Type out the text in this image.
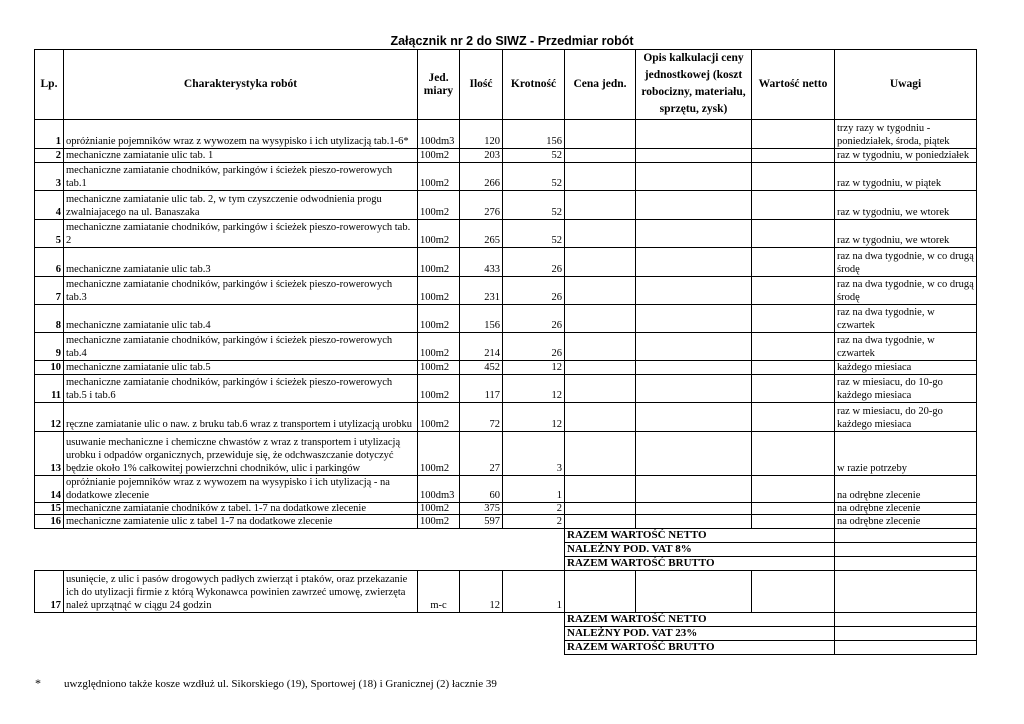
Załącznik nr 2 do SIWZ - Przedmiar robót
Lp.	Charakterystyka robót	Jed. miary	Ilość	Krotność	Cena jedn.	Opis kalkulacji ceny jednostkowej (koszt robocizny, materiału, sprzętu, zysk)	Wartość netto	Uwagi
1	opróżnianie pojemników wraz z wywozem na wysypisko i ich utylizacją tab.1-6*	100dm3	120	156				trzy razy w tygodniu - poniedziałek, środa, piątek
2	mechaniczne zamiatanie ulic tab. 1	100m2	203	52				raz w tygodniu, w poniedziałek
3	mechaniczne zamiatanie chodników, parkingów i ścieżek pieszo-rowerowych tab.1	100m2	266	52				raz w tygodniu, w piątek
4	mechaniczne zamiatanie ulic tab. 2, w tym czyszczenie odwodnienia progu zwalniajacego na ul. Banaszaka	100m2	276	52				raz w tygodniu, we wtorek
5	mechaniczne zamiatanie chodników, parkingów i ścieżek pieszo-rowerowych tab. 2	100m2	265	52				raz w tygodniu, we wtorek
6	mechaniczne zamiatanie ulic tab.3	100m2	433	26				raz na dwa tygodnie, w co drugą środę
7	mechaniczne zamiatanie chodników, parkingów i ścieżek pieszo-rowerowych tab.3	100m2	231	26				raz na dwa tygodnie, w co drugą środę
8	mechaniczne zamiatanie ulic tab.4	100m2	156	26				raz na dwa tygodnie, w czwartek
9	mechaniczne zamiatanie chodników, parkingów i ścieżek pieszo-rowerowych tab.4	100m2	214	26				raz na dwa tygodnie, w czwartek
10	mechaniczne zamiatanie ulic tab.5	100m2	452	12				każdego miesiaca
11	mechaniczne zamiatanie chodników, parkingów i ścieżek pieszo-rowerowych tab.5 i tab.6	100m2	117	12				raz w miesiacu, do 10-go każdego miesiaca
12	ręczne zamiatanie ulic o naw. z bruku tab.6 wraz z transportem i utylizacją urobku	100m2	72	12				raz w miesiacu, do 20-go każdego miesiaca
13	usuwanie mechaniczne i chemiczne chwastów z wraz z transportem i utylizacją urobku i odpadów organicznych, przewiduje się, że odchwaszczanie dotyczyć będzie około 1% całkowitej powierzchni chodników, ulic i parkingów	100m2	27	3				w razie potrzeby
14	opróżnianie pojemników wraz z wywozem na wysypisko i ich utylizacją - na dodatkowe zlecenie	100dm3	60	1				na odrębne zlecenie
15	mechaniczne zamiatanie chodników z tabel. 1-7 na dodatkowe zlecenie	100m2	375	2				na odrębne zlecenie
16	mechaniczne zamiatenie ulic z tabel 1-7 na dodatkowe zlecenie	100m2	597	2				na odrębne zlecenie
					RAZEM WARTOŚĆ NETTO			
					NALEŻNY POD. VAT 8%			
					RAZEM WARTOŚĆ BRUTTO			
17	usunięcie, z ulic i pasów drogowych padłych zwierząt i ptaków, oraz przekazanie ich do utylizacji firmie z którą Wykonawca powinien zawrzeć umowę, zwierzęta należ uprzątnąć w ciągu 24 godzin	m-c	12	1				
					RAZEM WARTOŚĆ NETTO			
					NALEŻNY POD. VAT 23%			
					RAZEM WARTOŚĆ BRUTTO			
* uwzględniono także kosze wzdłuż ul. Sikorskiego (19), Sportowej (18) i Granicznej (2) łacznie 39
